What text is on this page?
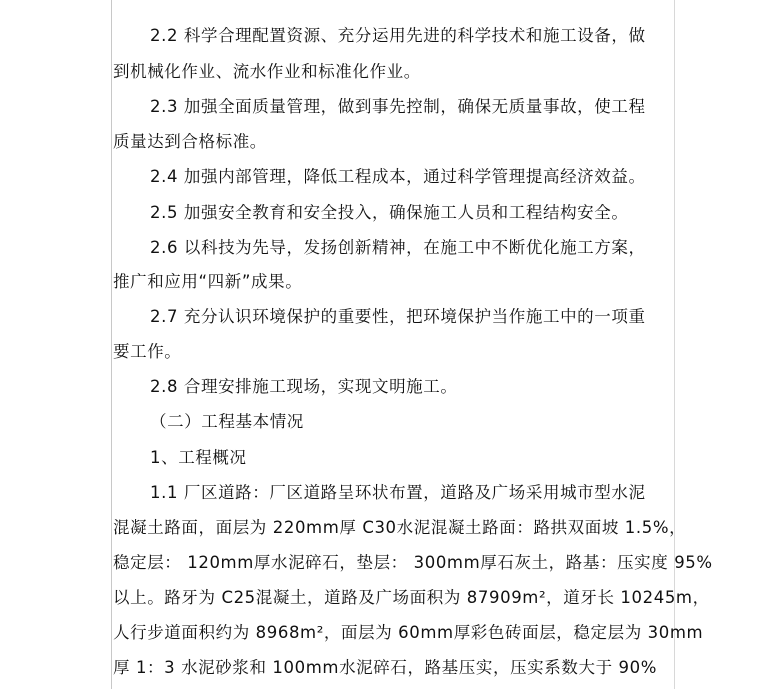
2.2 科学合理配置资源、充分运用先进的科学技术和施工设备，做
到机械化作业、流水作业和标准化作业。
2.3 加强全面质量管理，做到事先控制，确保无质量事故，使工程
质量达到合格标准。
2.4 加强内部管理，降低工程成本，通过科学管理提高经济效益。
2.5 加强安全教育和安全投入，确保施工人员和工程结构安全。
2.6 以科技为先导，发扬创新精神，在施工中不断优化施工方案，
推广和应用“四新”成果。
2.7 充分认识环境保护的重要性，把环境保护当作施工中的一项重
要工作。
2.8 合理安排施工现场，实现文明施工。
（二）工程基本情况
1、工程概况
1.1 厂区道路：厂区道路呈环状布置，道路及广场采用城市型水泥
混凝土路面，面层为 220mm厚 C30水泥混凝土路面：路拱双面坡 1.5%，
稳定层： 120mm厚水泥碎石，垫层： 300mm厚石灰土，路基：压实度 95%
以上。路牙为 C25混凝土，道路及广场面积为 87909m²，道牙长 10245m，
人行步道面积约为 8968m²，面层为 60mm厚彩色砖面层，稳定层为 30mm
厚 1：3 水泥砂浆和 100mm水泥碎石，路基压实，压实系数大于 90%
